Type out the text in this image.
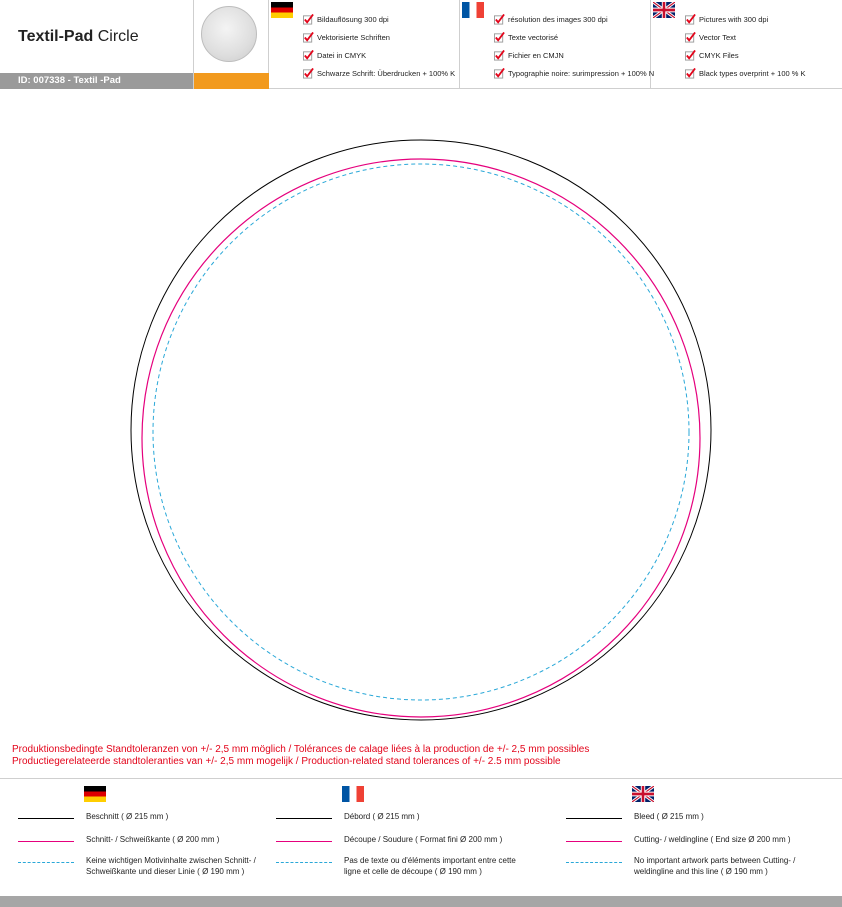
Textil-Pad Circle
ID: 007338 - Textil -Pad
Bildauflösung 300 dpi
Vektorisierte Schriften
Datei in CMYK
Schwarze Schrift: Überdrucken + 100% K
résolution des images 300 dpi
Texte vectorisé
Fichier en CMJN
Typographie noire: surimpression + 100% N
Pictures with 300 dpi
Vector Text
CMYK Files
Black types overprint + 100 % K
Produktionsbedingte Standtoleranzen von +/- 2,5 mm möglich / Tolérances de calage liées à la production de +/- 2,5 mm possibles
Productiegerelateerde standtoleranties van +/- 2,5 mm mogelijk / Production-related stand tolerances of +/- 2.5 mm possible
Beschnitt ( Ø 215 mm )
Schnitt- / Schweißkante ( Ø 200 mm )
Keine wichtigen Motivinhalte zwischen Schnitt- / Schweißkante und dieser Linie ( Ø 190 mm )
Débord ( Ø 215 mm )
Découpe / Soudure ( Format fini Ø 200 mm )
Pas de texte ou d'éléments important entre cette ligne et celle de découpe ( Ø 190 mm )
Bleed ( Ø 215 mm )
Cutting- / weldingline ( End size Ø 200 mm )
No important artwork parts between Cutting- / weldingline and this line ( Ø 190 mm )
